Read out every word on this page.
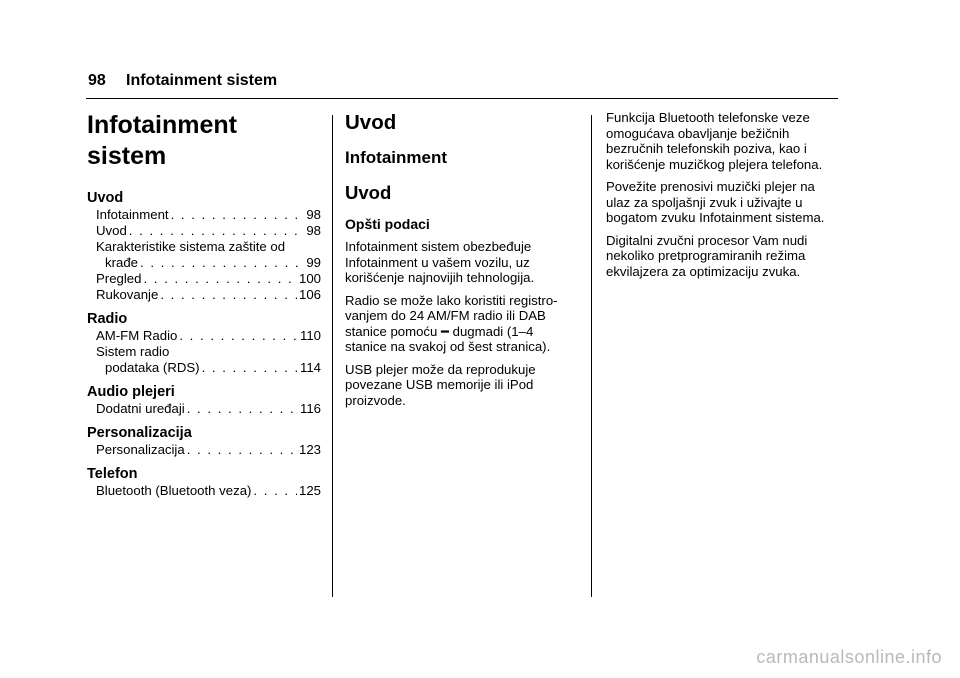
98 Infotainment sistem
Infotainment
sistem
Uvod
Infotainment . . .	98
Uvod . . .	98
Karakteristike sistema zaštite od
krađe . . .	99
Pregled . . .	100
Rukovanje . . .	106
Radio
AM-FM Radio . . .	110
Sistem radio
podataka (RDS) . . .	114
Audio plejeri
Dodatni uređaji . . .	116
Personalizacija
Personalizacija . . .	123
Telefon
Bluetooth (Bluetooth veza) . . .	125
Uvod
Infotainment
Uvod
Opšti podaci

Infotainment sistem obezbeđuje Infotainment u vašem vozilu, uz korišćenje najnovijih tehnologija.

Radio se može lako koristiti registro-vanjem do 24 AM/FM radio ili DAB stanice pomoću ━ dugmadi (1–4 stanice na svakoj od šest stranica).

USB plejer može da reprodukuje povezane USB memorije ili iPod proizvode.

Funkcija Bluetooth telefonske veze omogućava obavljanje bežičnih bezručnih telefonskih poziva, kao i korišćenje muzičkog plejera telefona.

Povežite prenosivi muzički plejer na ulaz za spoljašnji zvuk i uživajte u bogatom zvuku Infotainment sistema.

Digitalni zvučni procesor Vam nudi nekoliko pretprogramiranih režima ekvilajzera za optimizaciju zvuka.

carmanualsonline.info
